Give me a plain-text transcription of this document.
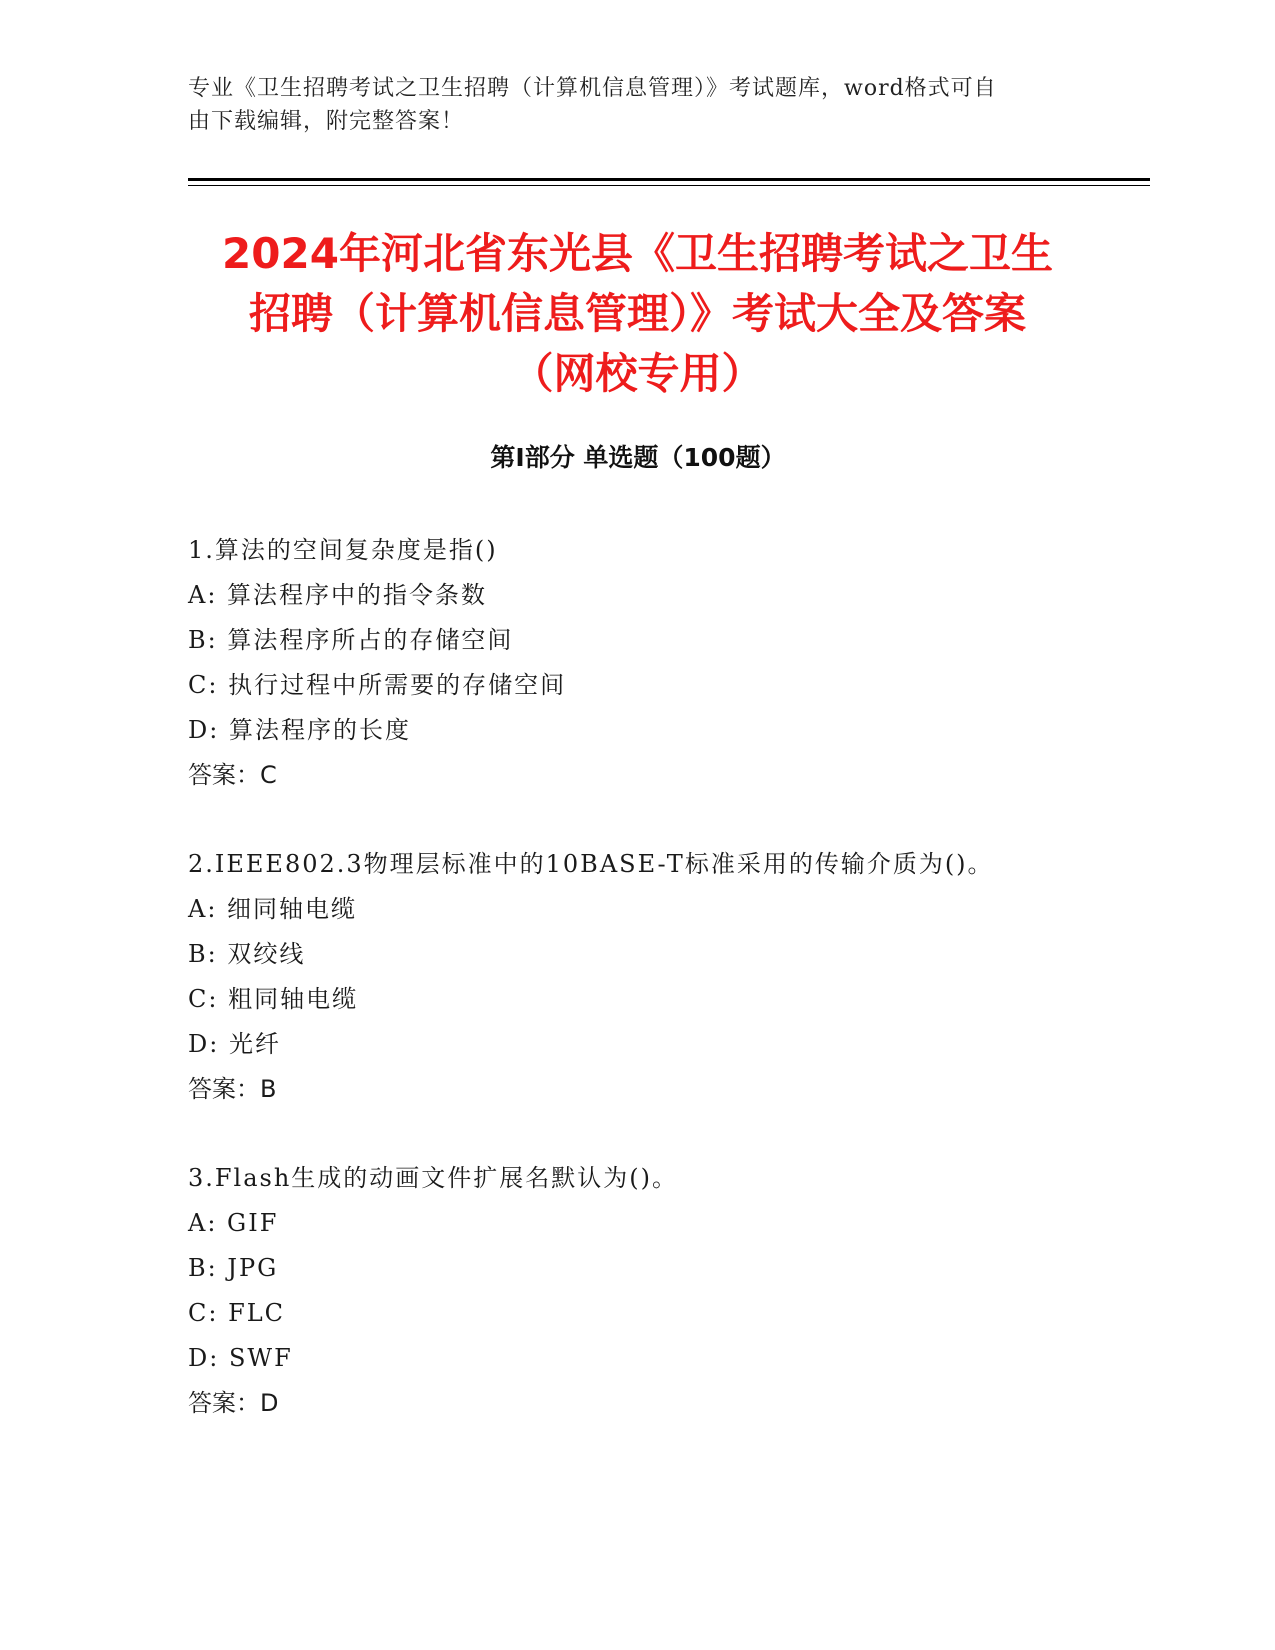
专业《卫生招聘考试之卫生招聘（计算机信息管理）》考试题库，word格式可自
由下载编辑，附完整答案！
2024年河北省东光县《卫生招聘考试之卫生
招聘（计算机信息管理）》考试大全及答案
（网校专用）
第Ⅰ部分 单选题（100题）
1.算法的空间复杂度是指()
A: 算法程序中的指令条数
B: 算法程序所占的存储空间
C: 执行过程中所需要的存储空间
D: 算法程序的长度
答案：C
2.IEEE802.3物理层标准中的10BASE-T标准采用的传输介质为()。
A: 细同轴电缆
B: 双绞线
C: 粗同轴电缆
D: 光纤
答案：B
3.Flash生成的动画文件扩展名默认为()。
A: GIF
B: JPG
C: FLC
D: SWF
答案：D
